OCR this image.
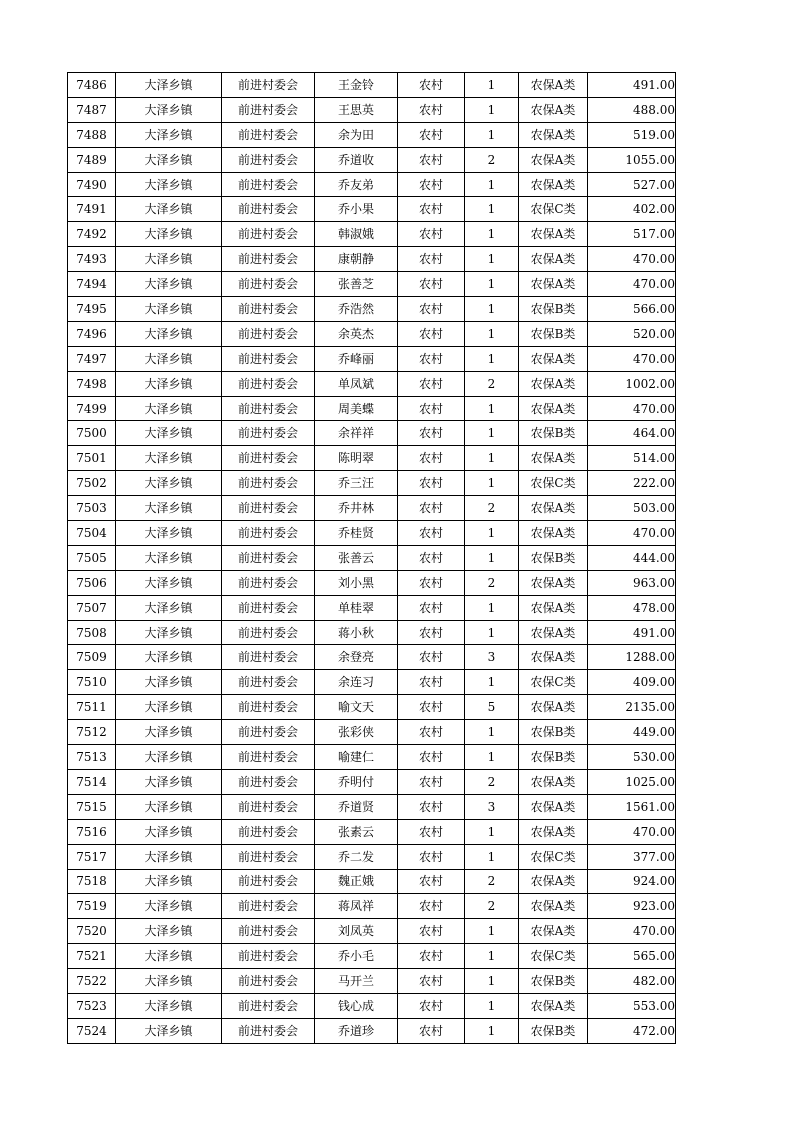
7486	大泽乡镇	前进村委会	王金铃	农村	1	农保A类	491.00
7487	大泽乡镇	前进村委会	王思英	农村	1	农保A类	488.00
7488	大泽乡镇	前进村委会	余为田	农村	1	农保A类	519.00
7489	大泽乡镇	前进村委会	乔道收	农村	2	农保A类	1055.00
7490	大泽乡镇	前进村委会	乔友弟	农村	1	农保A类	527.00
7491	大泽乡镇	前进村委会	乔小果	农村	1	农保C类	402.00
7492	大泽乡镇	前进村委会	韩淑娥	农村	1	农保A类	517.00
7493	大泽乡镇	前进村委会	康朝静	农村	1	农保A类	470.00
7494	大泽乡镇	前进村委会	张善芝	农村	1	农保A类	470.00
7495	大泽乡镇	前进村委会	乔浩然	农村	1	农保B类	566.00
7496	大泽乡镇	前进村委会	余英杰	农村	1	农保B类	520.00
7497	大泽乡镇	前进村委会	乔峰丽	农村	1	农保A类	470.00
7498	大泽乡镇	前进村委会	单凤斌	农村	2	农保A类	1002.00
7499	大泽乡镇	前进村委会	周美蝶	农村	1	农保A类	470.00
7500	大泽乡镇	前进村委会	余祥祥	农村	1	农保B类	464.00
7501	大泽乡镇	前进村委会	陈明翠	农村	1	农保A类	514.00
7502	大泽乡镇	前进村委会	乔三汪	农村	1	农保C类	222.00
7503	大泽乡镇	前进村委会	乔井林	农村	2	农保A类	503.00
7504	大泽乡镇	前进村委会	乔桂贤	农村	1	农保A类	470.00
7505	大泽乡镇	前进村委会	张善云	农村	1	农保B类	444.00
7506	大泽乡镇	前进村委会	刘小黑	农村	2	农保A类	963.00
7507	大泽乡镇	前进村委会	单桂翠	农村	1	农保A类	478.00
7508	大泽乡镇	前进村委会	蒋小秋	农村	1	农保A类	491.00
7509	大泽乡镇	前进村委会	余登亮	农村	3	农保A类	1288.00
7510	大泽乡镇	前进村委会	余连习	农村	1	农保C类	409.00
7511	大泽乡镇	前进村委会	喻文天	农村	5	农保A类	2135.00
7512	大泽乡镇	前进村委会	张彩侠	农村	1	农保B类	449.00
7513	大泽乡镇	前进村委会	喻建仁	农村	1	农保B类	530.00
7514	大泽乡镇	前进村委会	乔明付	农村	2	农保A类	1025.00
7515	大泽乡镇	前进村委会	乔道贤	农村	3	农保A类	1561.00
7516	大泽乡镇	前进村委会	张素云	农村	1	农保A类	470.00
7517	大泽乡镇	前进村委会	乔二发	农村	1	农保C类	377.00
7518	大泽乡镇	前进村委会	魏正娥	农村	2	农保A类	924.00
7519	大泽乡镇	前进村委会	蒋凤祥	农村	2	农保A类	923.00
7520	大泽乡镇	前进村委会	刘凤英	农村	1	农保A类	470.00
7521	大泽乡镇	前进村委会	乔小毛	农村	1	农保C类	565.00
7522	大泽乡镇	前进村委会	马开兰	农村	1	农保B类	482.00
7523	大泽乡镇	前进村委会	钱心成	农村	1	农保A类	553.00
7524	大泽乡镇	前进村委会	乔道珍	农村	1	农保B类	472.00
